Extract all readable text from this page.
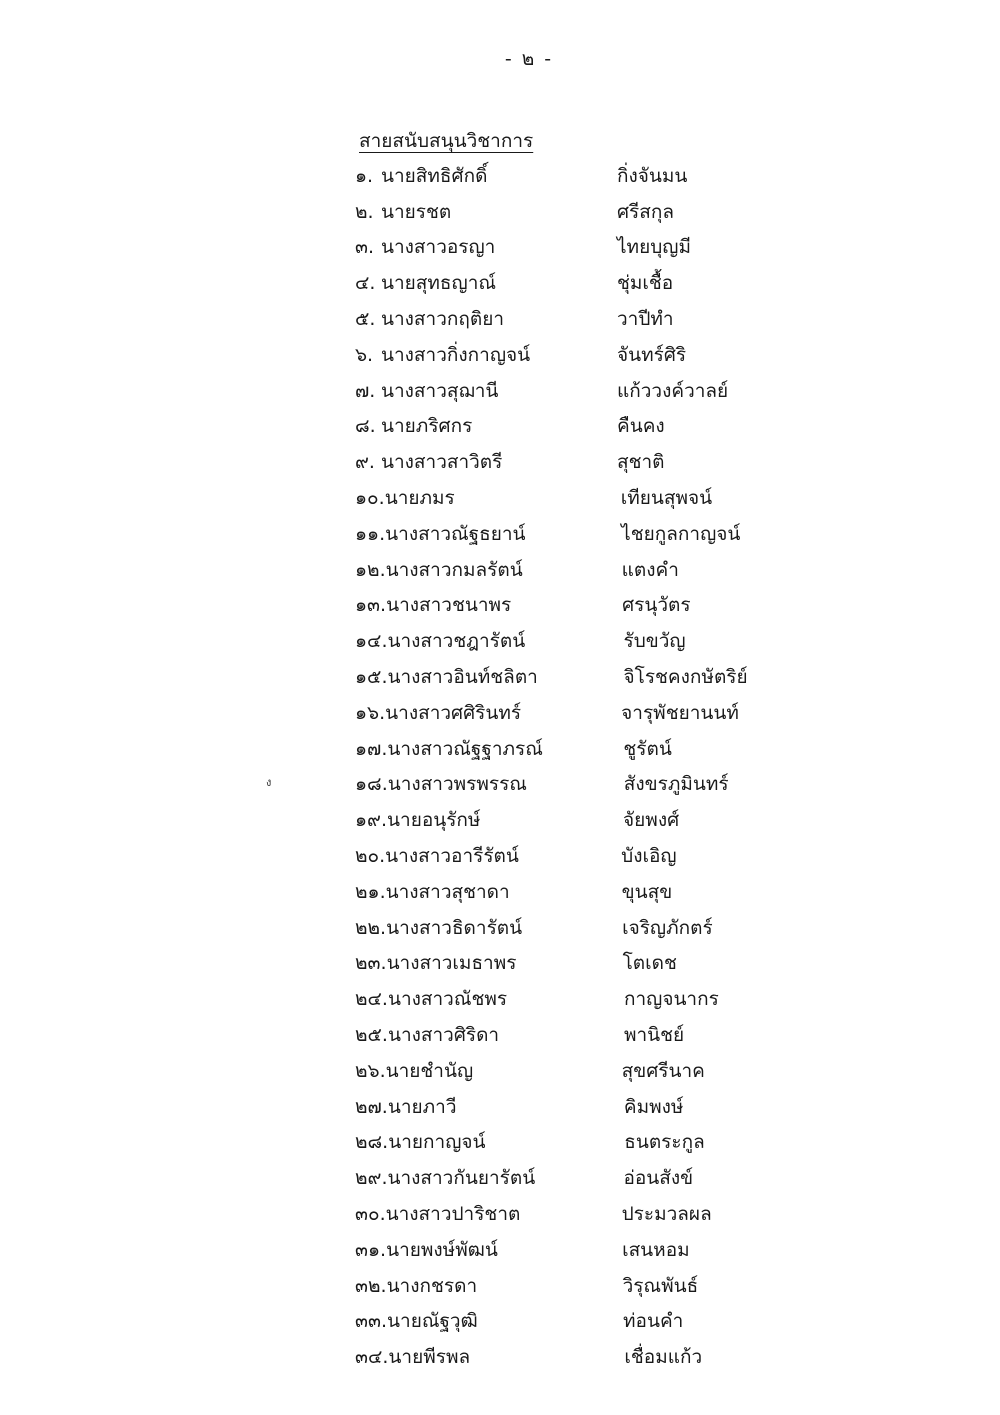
- ๒ -
สายสนับสนุนวิชาการ
ง
๑. นายสิทธิศักดิ์	กิ่งจันมน
๒. นายรชต	ศรีสกุล
๓. นางสาวอรญา	ไทยบุญมี
๔. นายสุทธญาณ์	ชุ่มเชื้อ
๕. นางสาวกฤติยา	วาปีทำ
๖. นางสาวกิ่งกาญจน์	จันทร์ศิริ
๗. นางสาวสุฌานี	แก้ววงค์วาลย์
๘. นายภริศกร	คืนคง
๙. นางสาวสาวิตรี	สุชาติ
๑๐. นายภมร	เทียนสุพจน์
๑๑. นางสาวณัฐธยาน์	ไชยกูลกาญจน์
๑๒. นางสาวกมลรัตน์	แตงคำ
๑๓. นางสาวชนาพร	ศรนุวัตร
๑๔. นางสาวชฎารัตน์	รับขวัญ
๑๕. นางสาวอินท์ชลิตา	จิโรชคงกษัตริย์
๑๖. นางสาวศศิรินทร์	จารุพัชยานนท์
๑๗. นางสาวณัฐฐาภรณ์	ชูรัตน์
๑๘. นางสาวพรพรรณ	สังขรภูมินทร์
๑๙. นายอนุรักษ์	จัยพงศ์
๒๐. นางสาวอารีรัตน์	บังเอิญ
๒๑. นางสาวสุชาดา	ขุนสุข
๒๒. นางสาวธิดารัตน์	เจริญภักตร์
๒๓. นางสาวเมธาพร	โตเดช
๒๔. นางสาวณัชพร	กาญจนากร
๒๕. นางสาวศิริดา	พานิชย์
๒๖. นายชำนัญ	สุขศรีนาค
๒๗. นายภาวี	คิมพงษ์
๒๘. นายกาญจน์	ธนตระกูล
๒๙. นางสาวกันยารัตน์	อ่อนสังข์
๓๐. นางสาวปาริชาต	ประมวลผล
๓๑. นายพงษ์พัฒน์	เสนหอม
๓๒. นางกชรดา	วิรุณพันธ์
๓๓. นายณัฐวุฒิ	ท่อนคำ
๓๔. นายพีรพล	เชื่อมแก้ว
